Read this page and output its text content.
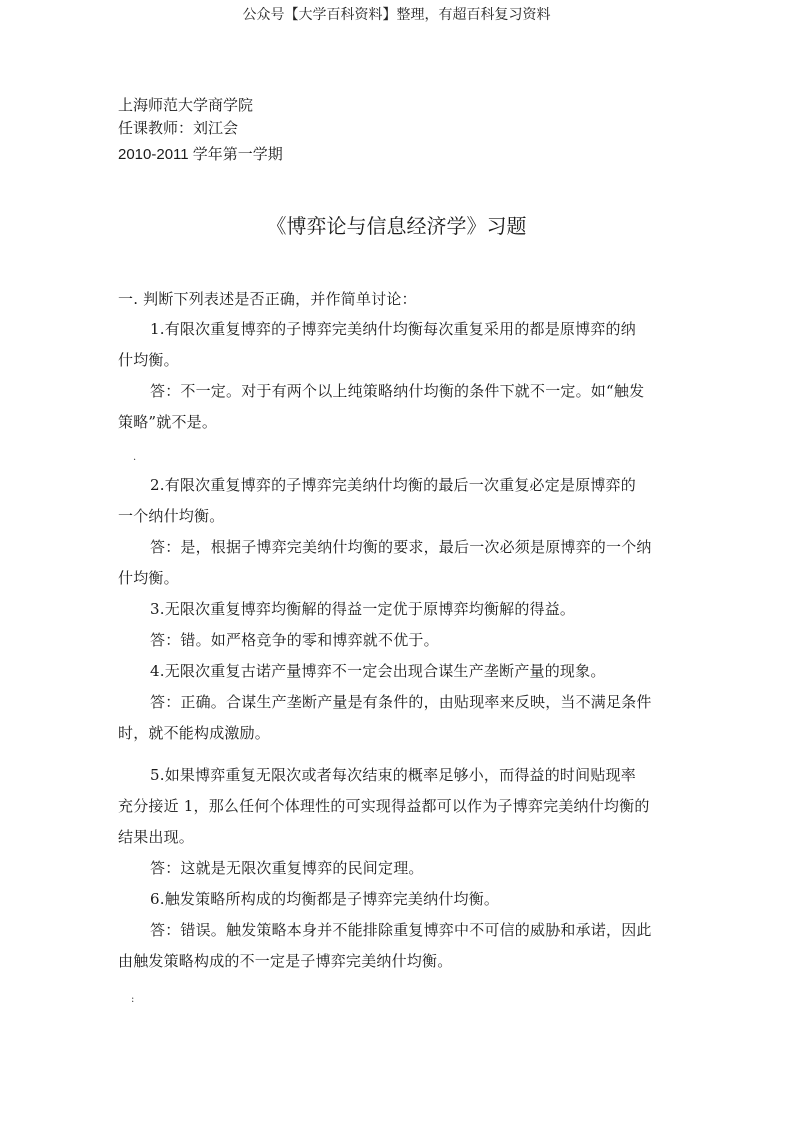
公众号【大学百科资料】整理，有超百科复习资料
上海师范大学商学院
任课教师：刘江会
2010-2011 学年第一学期
《博弈论与信息经济学》习题
一. 判断下列表述是否正确，并作简单讨论：
1.有限次重复博弈的子博弈完美纳什均衡每次重复采用的都是原博弈的纳
什均衡。
答：不一定。对于有两个以上纯策略纳什均衡的条件下就不一定。如“触发
策略”就不是。
.
2.有限次重复博弈的子博弈完美纳什均衡的最后一次重复必定是原博弈的
一个纳什均衡。
答：是，根据子博弈完美纳什均衡的要求，最后一次必须是原博弈的一个纳
什均衡。
3.无限次重复博弈均衡解的得益一定优于原博弈均衡解的得益。
答：错。如严格竞争的零和博弈就不优于。
4.无限次重复古诺产量博弈不一定会出现合谋生产垄断产量的现象。
答：正确。合谋生产垄断产量是有条件的，由贴现率来反映，当不满足条件
时，就不能构成激励。
5.如果博弈重复无限次或者每次结束的概率足够小，而得益的时间贴现率
充分接近 1，那么任何个体理性的可实现得益都可以作为子博弈完美纳什均衡的
结果出现。
答：这就是无限次重复博弈的民间定理。
6.触发策略所构成的均衡都是子博弈完美纳什均衡。
答：错误。触发策略本身并不能排除重复博弈中不可信的威胁和承诺，因此
由触发策略构成的不一定是子博弈完美纳什均衡。
:
